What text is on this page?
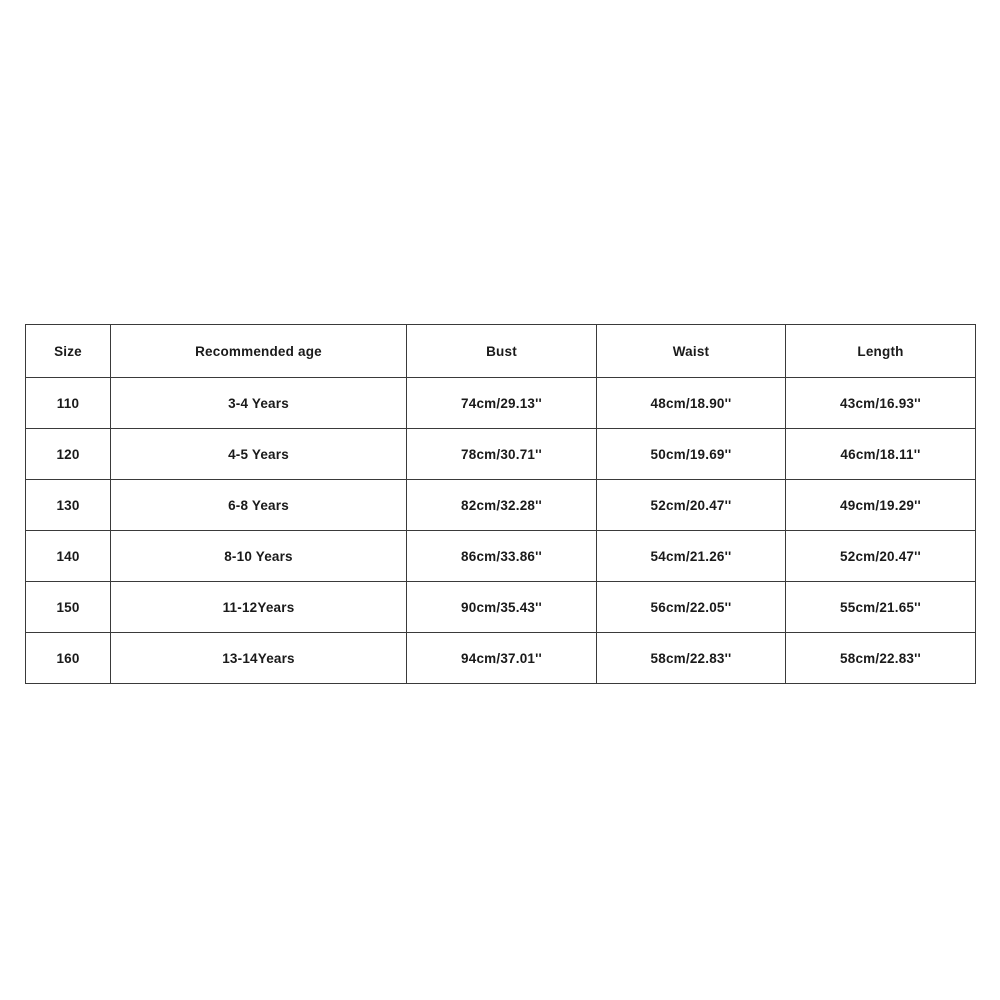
Size	Recommended age	Bust	Waist	Length
110	3-4 Years	74cm/29.13''	48cm/18.90''	43cm/16.93''
120	4-5 Years	78cm/30.71''	50cm/19.69''	46cm/18.11''
130	6-8 Years	82cm/32.28''	52cm/20.47''	49cm/19.29''
140	8-10 Years	86cm/33.86''	54cm/21.26''	52cm/20.47''
150	11-12Years	90cm/35.43''	56cm/22.05''	55cm/21.65''
160	13-14Years	94cm/37.01''	58cm/22.83''	58cm/22.83''
